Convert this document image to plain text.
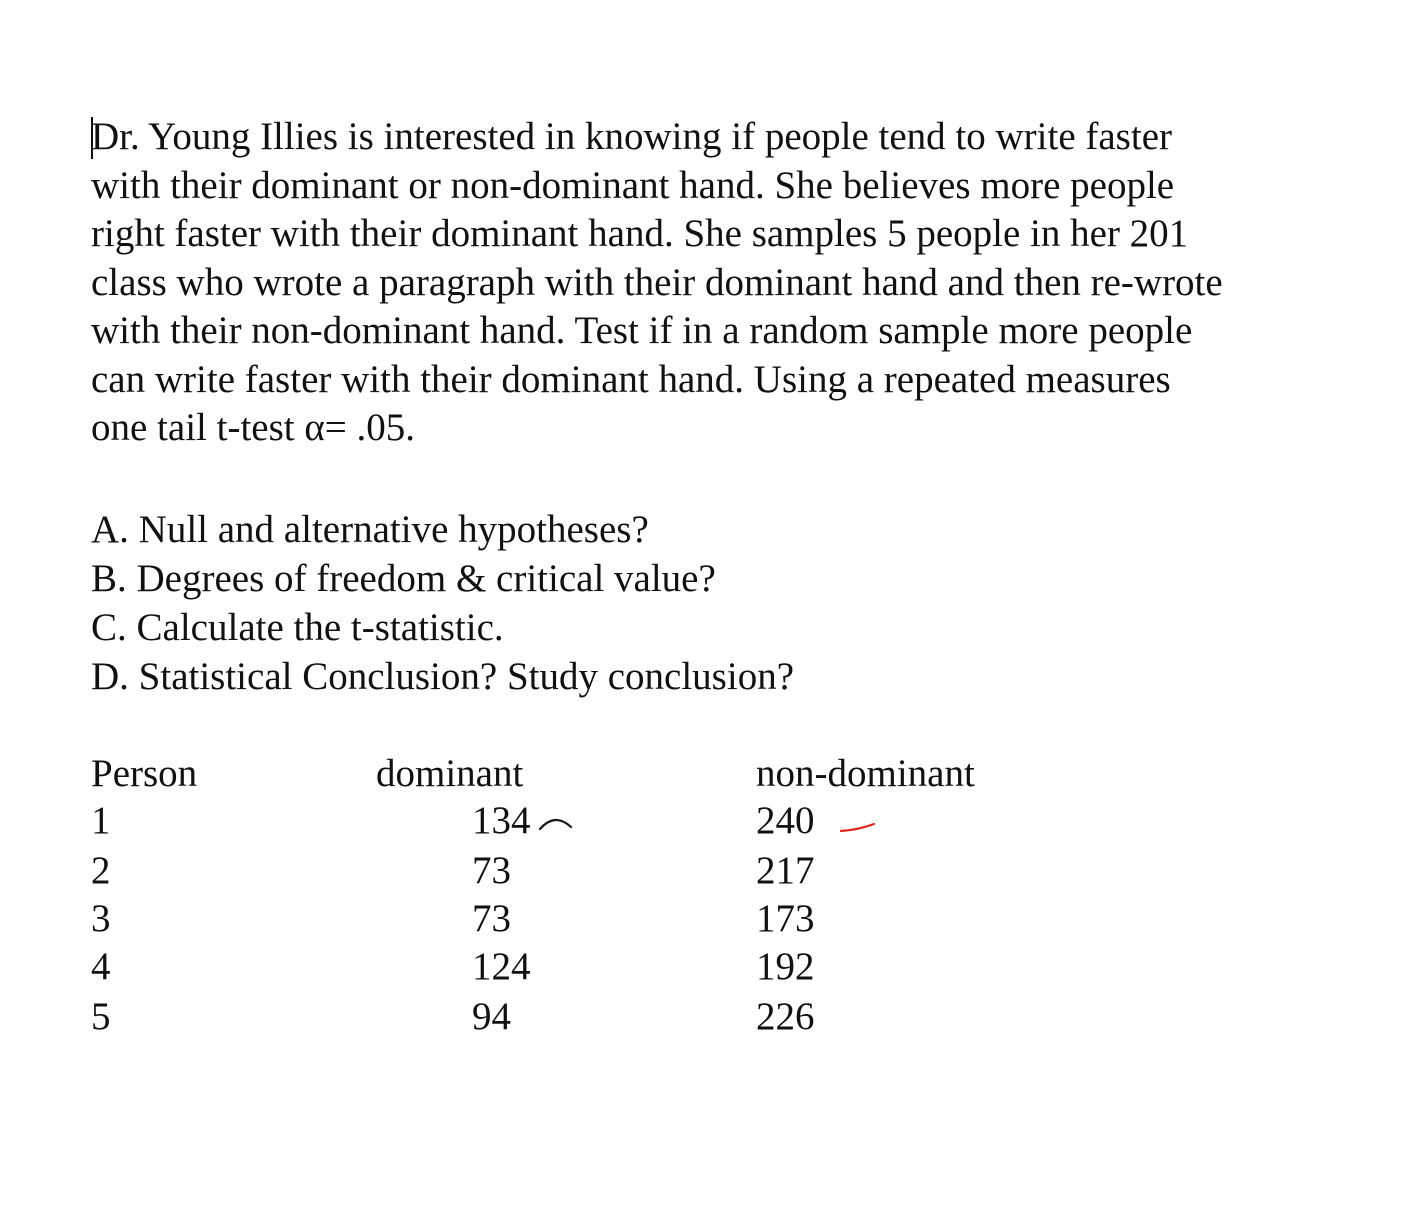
Dr. Young Illies is interested in knowing if people tend to write faster
with their dominant or non-dominant hand. She believes more people
right faster with their dominant hand. She samples 5 people in her 201
class who wrote a paragraph with their dominant hand and then re-wrote
with their non-dominant hand. Test if in a random sample more people
can write faster with their dominant hand. Using a repeated measures
one tail t-test α= .05.

A. Null and alternative hypotheses?
B. Degrees of freedom & critical value?
C. Calculate the t-statistic.
D. Statistical Conclusion? Study conclusion?
Person	dominant	non-dominant
1	134	240
2	73	217
3	73	173
4	124	192
5	94	226
